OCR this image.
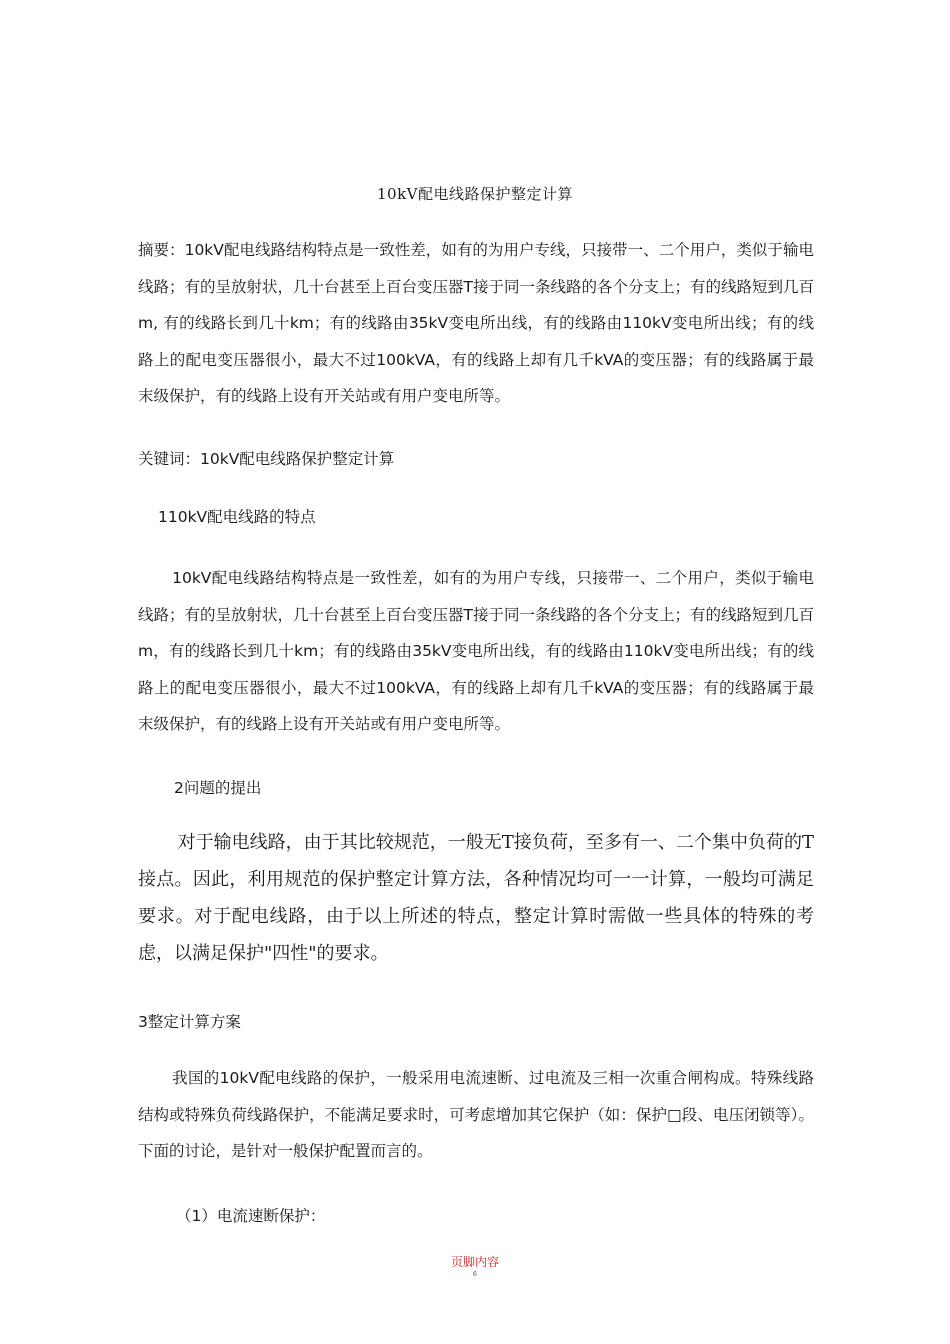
10kV配电线路保护整定计算
摘要：10kV配电线路结构特点是一致性差，如有的为用户专线，只接带一、二个用户，类似于输电线路；有的呈放射状，几十台甚至上百台变压器T接于同一条线路的各个分支上；有的线路短到几百m, 有的线路长到几十km；有的线路由35kV变电所出线，有的线路由110kV变电所出线；有的线路上的配电变压器很小，最大不过100kVA，有的线路上却有几千kVA的变压器；有的线路属于最末级保护，有的线路上设有开关站或有用户变电所等。
关键词：10kV配电线路保护整定计算
110kV配电线路的特点
10kV配电线路结构特点是一致性差，如有的为用户专线，只接带一、二个用户，类似于输电线路；有的呈放射状，几十台甚至上百台变压器T接于同一条线路的各个分支上；有的线路短到几百m，有的线路长到几十km；有的线路由35kV变电所出线，有的线路由110kV变电所出线；有的线路上的配电变压器很小，最大不过100kVA，有的线路上却有几千kVA的变压器；有的线路属于最末级保护，有的线路上设有开关站或有用户变电所等。
2问题的提出
对于输电线路，由于其比较规范，一般无T接负荷，至多有一、二个集中负荷的T接点。因此，利用规范的保护整定计算方法，各种情况均可一一计算，一般均可满足要求。对于配电线路，由于以上所述的特点，整定计算时需做一些具体的特殊的考虑，以满足保护"四性"的要求。
3整定计算方案
我国的10kV配电线路的保护，一般采用电流速断、过电流及三相一次重合闸构成。特殊线路结构或特殊负荷线路保护，不能满足要求时，可考虑增加其它保护（如：保护□段、电压闭锁等）。下面的讨论，是针对一般保护配置而言的。
（1）电流速断保护：
页脚内容
6
